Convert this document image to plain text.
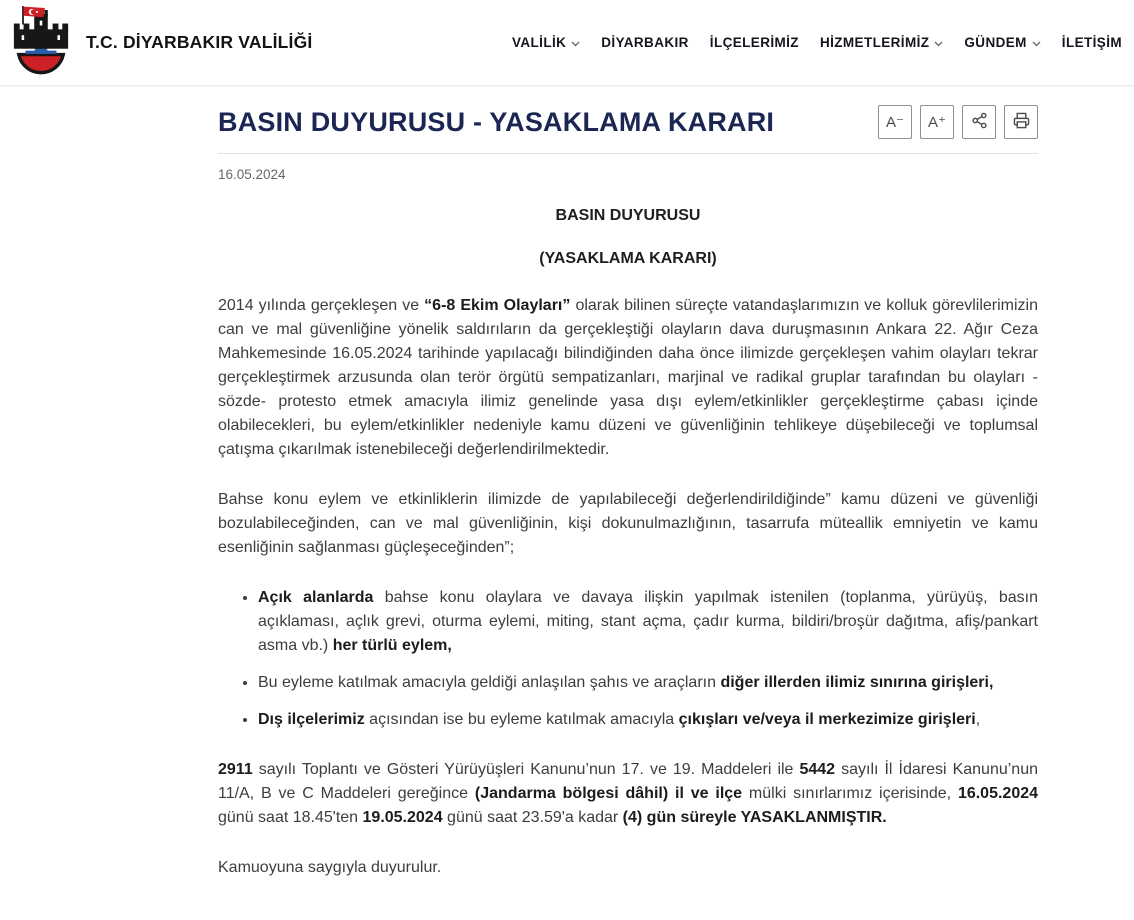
T.C. DİYARBAKIR VALİLİĞİ	VALİLİK	DİYARBAKIR İLÇELERİMİZ HİZMETLERİMİZ	GÜNDEM	İLETİŞİM
BASIN DUYURUSU - YASAKLAMA KARARI	A⁻	A⁺
16.05.2024

BASIN DUYURUSU

(YASAKLAMA KARARI)

2014 yılında gerçekleşen ve “6-8 Ekim Olayları” olarak bilinen süreçte vatandaşlarımızın ve kolluk görevlilerimizin can ve mal güvenliğine yönelik saldırıların da gerçekleştiği olayların dava duruşmasının Ankara 22. Ağır Ceza Mahkemesinde 16.05.2024 tarihinde yapılacağı bilindiğinden daha önce ilimizde gerçekleşen vahim olayları tekrar gerçekleştirmek arzusunda olan terör örgütü sempatizanları, marjinal ve radikal gruplar tarafından bu olayları -sözde- protesto etmek amacıyla ilimiz genelinde yasa dışı eylem/etkinlikler gerçekleştirme çabası içinde olabilecekleri, bu eylem/etkinlikler nedeniyle kamu düzeni ve güvenliğinin tehlikeye düşebileceği ve toplumsal çatışma çıkarılmak istenebileceği değerlendirilmektedir.

Bahse konu eylem ve etkinliklerin ilimizde de yapılabileceği değerlendirildiğinde” kamu düzeni ve güvenliği bozulabileceğinden, can ve mal güvenliğinin, kişi dokunulmazlığının, tasarrufa müteallik emniyetin ve kamu esenliğinin sağlanması güçleşeceğinden”;

• Açık alanlarda bahse konu olaylara ve davaya ilişkin yapılmak istenilen (toplanma, yürüyüş, basın açıklaması, açlık grevi, oturma eylemi, miting, stant açma, çadır kurma, bildiri/broşür dağıtma, afiş/pankart asma vb.) her türlü eylem,
• Bu eyleme katılmak amacıyla geldiği anlaşılan şahıs ve araçların diğer illerden ilimiz sınırına girişleri,
• Dış ilçelerimiz açısından ise bu eyleme katılmak amacıyla çıkışları ve/veya il merkezimize girişleri,

2911 sayılı Toplantı ve Gösteri Yürüyüşleri Kanunu’nun 17. ve 19. Maddeleri ile 5442 sayılı İl İdaresi Kanunu’nun 11/A, B ve C Maddeleri gereğince (Jandarma bölgesi dâhil) il ve ilçe mülki sınırlarımız içerisinde, 16.05.2024 günü saat 18.45'ten 19.05.2024 günü saat 23.59'a kadar (4) gün süreyle YASAKLANMIŞTIR.

Kamuoyuna saygıyla duyurulur.
